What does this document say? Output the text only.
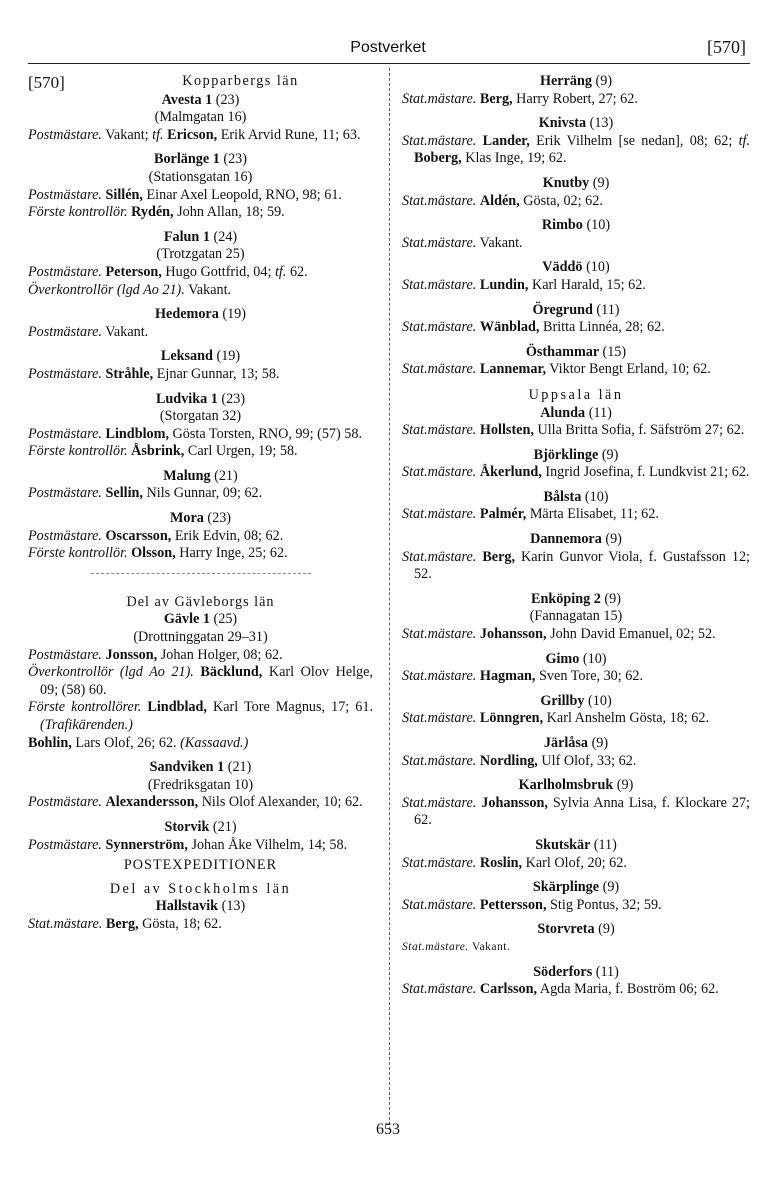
Postverket	[570]
[570]	Kopparbergs län
Avesta 1 (23)
(Malmgatan 16)
Postmästare. Vakant; tf. Ericson, Erik Arvid Rune, 11; 63.
Borlänge 1 (23)
(Stationsgatan 16)
Postmästare. Sillén, Einar Axel Leopold, RNO, 98; 61.
Förste kontrollör. Rydén, John Allan, 18; 59.
Falun 1 (24)
(Trotzgatan 25)
Postmästare. Peterson, Hugo Gottfrid, 04; tf. 62.
Överkontrollör (lgd Ao 21). Vakant.
Hedemora (19)
Postmästare. Vakant.
Leksand (19)
Postmästare. Stråhle, Ejnar Gunnar, 13; 58.
Ludvika 1 (23)
(Storgatan 32)
Postmästare. Lindblom, Gösta Torsten, RNO, 99; (57) 58.
Förste kontrollör. Åsbrink, Carl Urgen, 19; 58.
Malung (21)
Postmästare. Sellin, Nils Gunnar, 09; 62.
Mora (23)
Postmästare. Oscarsson, Erik Edvin, 08; 62.
Förste kontrollör. Olsson, Harry Inge, 25; 62.
Del av Gävleborgs län
Gävle 1 (25)
(Drottninggatan 29–31)
Postmästare. Jonsson, Johan Holger, 08; 62.
Överkontrollör (lgd Ao 21). Bäcklund, Karl Olov Helge, 09; (58) 60.
Förste kontrollörer. Lindblad, Karl Tore Magnus, 17; 61. (Trafikärenden.)
Bohlin, Lars Olof, 26; 62. (Kassaavd.)
Sandviken 1 (21)
(Fredriksgatan 10)
Postmästare. Alexandersson, Nils Olof Alexander, 10; 62.
Storvik (21)
Postmästare. Synnerström, Johan Åke Vilhelm, 14; 58.
POSTEXPEDITIONER
Del av Stockholms län
Hallstavik (13)
Stat.mästare. Berg, Gösta, 18; 62.
Herräng (9)
Stat.mästare. Berg, Harry Robert, 27; 62.
Knivsta (13)
Stat.mästare. Lander, Erik Vilhelm [se nedan], 08; 62; tf. Boberg, Klas Inge, 19; 62.
Knutby (9)
Stat.mästare. Aldén, Gösta, 02; 62.
Rimbo (10)
Stat.mästare. Vakant.
Väddö (10)
Stat.mästare. Lundin, Karl Harald, 15; 62.
Öregrund (11)
Stat.mästare. Wänblad, Britta Linnéa, 28; 62.
Östhammar (15)
Stat.mästare. Lannemar, Viktor Bengt Erland, 10; 62.
Uppsala län
Alunda (11)
Stat.mästare. Hollsten, Ulla Britta Sofia, f. Säfström 27; 62.
Björklinge (9)
Stat.mästare. Åkerlund, Ingrid Josefina, f. Lundkvist 21; 62.
Bålsta (10)
Stat.mästare. Palmér, Märta Elisabet, 11; 62.
Dannemora (9)
Stat.mästare. Berg, Karin Gunvor Viola, f. Gustafsson 12; 52.
Enköping 2 (9)
(Fannagatan 15)
Stat.mästare. Johansson, John David Emanuel, 02; 52.
Gimo (10)
Stat.mästare. Hagman, Sven Tore, 30; 62.
Grillby (10)
Stat.mästare. Lönngren, Karl Anshelm Gösta, 18; 62.
Järlåsa (9)
Stat.mästare. Nordling, Ulf Olof, 33; 62.
Karlholmsbruk (9)
Stat.mästare. Johansson, Sylvia Anna Lisa, f. Klockare 27; 62.
Skutskär (11)
Stat.mästare. Roslin, Karl Olof, 20; 62.
Skärplinge (9)
Stat.mästare. Pettersson, Stig Pontus, 32; 59.
Storvreta (9)
Stat.mästare. Vakant.
Söderfors (11)
Stat.mästare. Carlsson, Agda Maria, f. Boström 06; 62.
653
